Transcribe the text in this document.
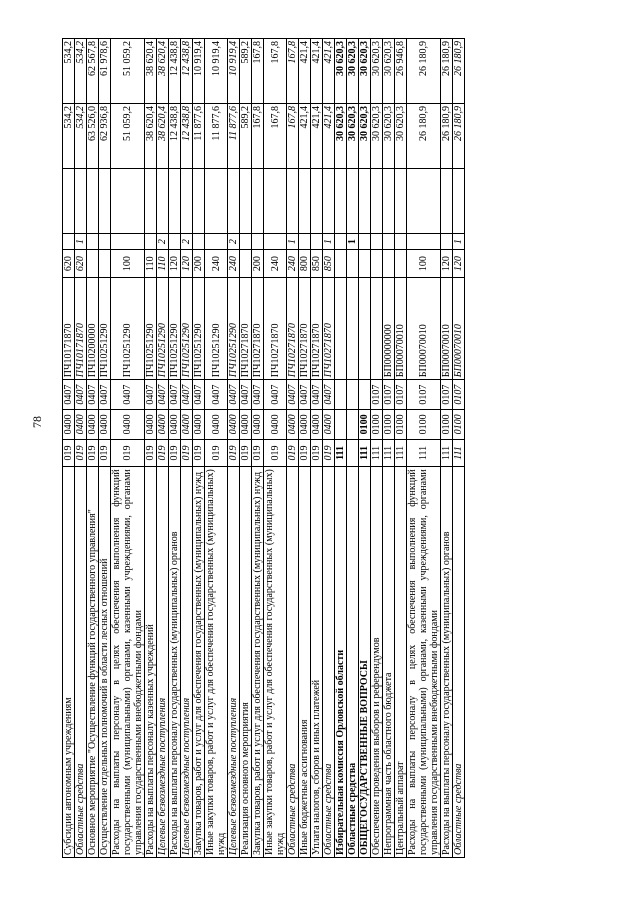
78
Субсидии автономным учреждениям	019	0400	0407	ПЧ10171870	620			534,2	534,2
Областные средства	019	0400	0407	ПЧ10171870	620	1		534,2	534,2
Основное мероприятие "Осуществление функций государственного управления"	019	0400	0407	ПЧ10200000				63 526,0	62 567,8
Осуществление отдельных полномочий в области лесных отношений	019	0400	0407	ПЧ10251290				62 936,8	61 978,6
Расходы на выплаты персоналу в целях обеспечения выполнения функций государственными (муниципальными) органами, казенными учреждениями, органами управления государственными внебюджетными фондами	019	0400	0407	ПЧ10251290	100			51 059,2	51 059,2
Расходы на выплаты персоналу казенных учреждений	019	0400	0407	ПЧ10251290	110			38 620,4	38 620,4
Целевые безвозмездные поступления	019	0400	0407	ПЧ10251290	110	2		38 620,4	38 620,4
Расходы на выплаты персоналу государственных (муниципальных) органов	019	0400	0407	ПЧ10251290	120			12 438,8	12 438,8
Целевые безвозмездные поступления	019	0400	0407	ПЧ10251290	120	2		12 438,8	12 438,8
Закупка товаров, работ и услуг для обеспечения государственных (муниципальных) нужд	019	0400	0407	ПЧ10251290	200			11 877,6	10 919,4
Иные закупки товаров, работ и услуг для обеспечения государственных (муниципальных) нужд	019	0400	0407	ПЧ10251290	240			11 877,6	10 919,4
Целевые безвозмездные поступления	019	0400	0407	ПЧ10251290	240	2		11 877,6	10 919,4
Реализация основного мероприятия	019	0400	0407	ПЧ10271870				589,2	589,2
Закупка товаров, работ и услуг для обеспечения государственных (муниципальных) нужд	019	0400	0407	ПЧ10271870	200			167,8	167,8
Иные закупки товаров, работ и услуг для обеспечения государственных (муниципальных) нужд	019	0400	0407	ПЧ10271870	240			167,8	167,8
Областные средства	019	0400	0407	ПЧ10271870	240	1		167,8	167,8
Иные бюджетные ассигнования	019	0400	0407	ПЧ10271870	800			421,4	421,4
Уплата налогов, сборов и иных платежей	019	0400	0407	ПЧ10271870	850			421,4	421,4
Областные средства	019	0400	0407	ПЧ10271870	850	1		421,4	421,4
Избирательная комиссия Орловской области	111							30 620,3	30 620,3
Областные средства						1		30 620,3	30 620,3
ОБЩЕГОСУДАРСТВЕННЫЕ ВОПРОСЫ	111	0100						30 620,3	30 620,3
Обеспечение проведения выборов и референдумов	111	0100	0107					30 620,3	30 620,3
Непрограммная часть областного бюджета	111	0100	0107	БП00000000				30 620,3	30 620,3
Центральный аппарат	111	0100	0107	БП00070010				30 620,3	26 946,8
Расходы на выплаты персоналу в целях обеспечения выполнения функций государственными (муниципальными) органами, казенными учреждениями, органами управления государственными внебюджетными фондами	111	0100	0107	БП00070010	100			26 180,9	26 180,9
Расходы на выплаты персоналу государственных (муниципальных) органов	111	0100	0107	БП00070010	120			26 180,9	26 180,9
Областные средства	111	0100	0107	БП00070010	120	1		26 180,9	26 180,9
